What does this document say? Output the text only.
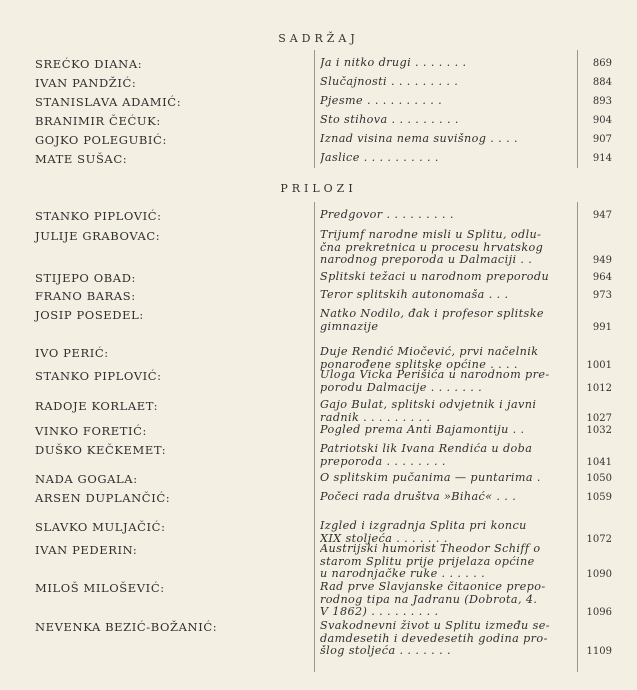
SADRŽAJ
SREĆKO DIANA:	Ja i nitko drugi . . . . . . .	869
IVAN PANDŽIĆ:	Slučajnosti . . . . . . . . .	884
STANISLAVA ADAMIĆ:	Pjesme . . . . . . . . . .	893
BRANIMIR ČEĆUK:	Sto stihova . . . . . . . . .	904
GOJKO POLEGUBIĆ:	Iznad visina nema suvišnog . . . .	907
MATE SUŠAC:	Jaslice . . . . . . . . . .	914
PRILOZI
STANKO PIPLOVIĆ:	Predgovor . . . . . . . . .	947
JULIJE GRABOVAC:	Trijumf narodne misli u Splitu, odlu-
čna prekretnica u procesu hrvatskog
narodnog preporoda u Dalmaciji . .	949
STIJEPO OBAD:	Splitski težaci u narodnom preporodu	964
FRANO BARAS:	Teror splitskih autonomaša . . .	973
JOSIP POSEDEL:	Natko Nodilo, đak i profesor splitske
gimnazije	991
IVO PERIĆ:	Duje Rendić Miočević, prvi načelnik
ponarođene splitske općine . . . .	1001
STANKO PIPLOVIĆ:	Uloga Vicka Perišića u narodnom pre-
porodu Dalmacije . . . . . . .	1012
RADOJE KORLAET:	Gajo Bulat, splitski odvjetnik i javni
radnik . . . . . . . . .	1027
VINKO FORETIĆ:	Pogled prema Anti Bajamontiju . .	1032
DUŠKO KEČKEMET:	Patriotski lik Ivana Rendića u doba
preporoda . . . . . . . .	1041
NADA GOGALA:	O splitskim pučanima — puntarima .	1050
ARSEN DUPLANČIĆ:	Počeci rada društva »Bihać« . . .	1059
SLAVKO MULJAČIĆ:	Izgled i izgradnja Splita pri koncu
XIX stoljeća . . . . . . .	1072
IVAN PEDERIN:	Austrijski humorist Theodor Schiff o
starom Splitu prije prijelaza općine
u narodnjačke ruke . . . . . .	1090
MILOŠ MILOŠEVIĆ:	Rad prve Slavjanske čitaonice prepo-
rodnog tipa na Jadranu (Dobrota, 4.
V 1862) . . . . . . . . .	1096
NEVENKA BEZIĆ-BOŽANIĆ:	Svakodnevni život u Splitu između se-
damdesetih i devedesetih godina pro-
šlog stoljeća . . . . . . .	1109
